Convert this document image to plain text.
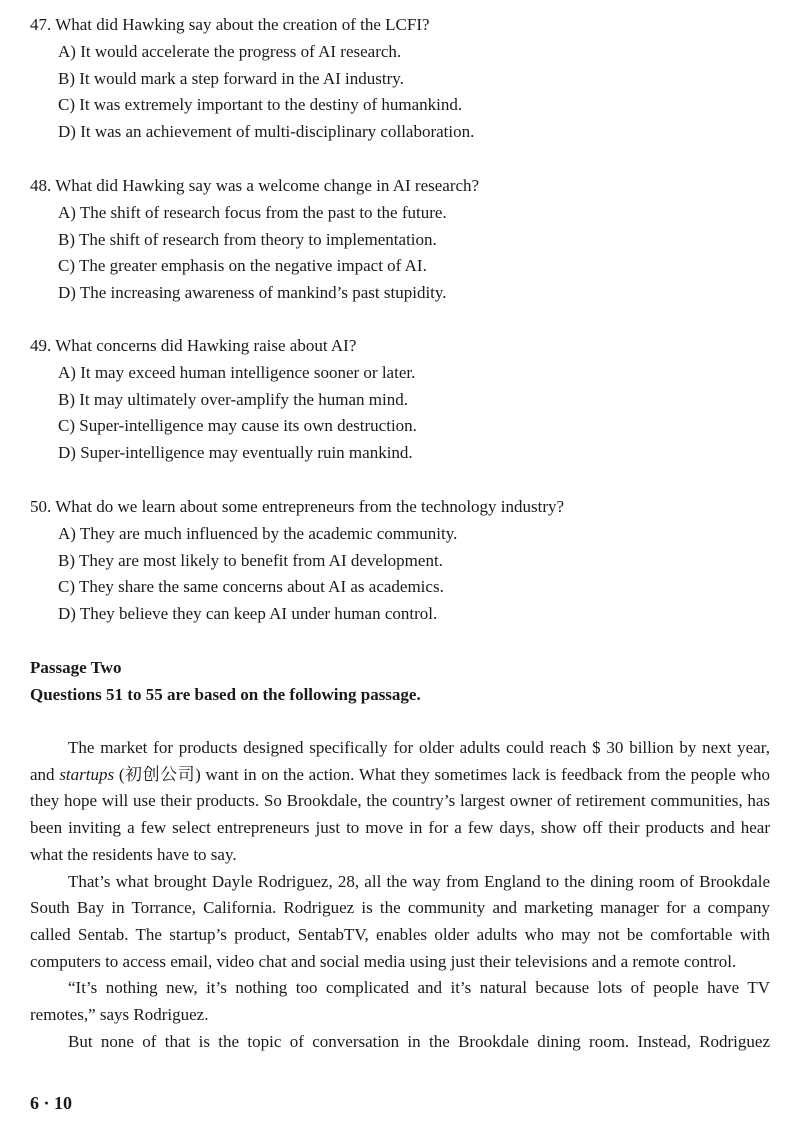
47. What did Hawking say about the creation of the LCFI?
A) It would accelerate the progress of AI research.
B) It would mark a step forward in the AI industry.
C) It was extremely important to the destiny of humankind.
D) It was an achievement of multi-disciplinary collaboration.
48. What did Hawking say was a welcome change in AI research?
A) The shift of research focus from the past to the future.
B) The shift of research from theory to implementation.
C) The greater emphasis on the negative impact of AI.
D) The increasing awareness of mankind’s past stupidity.
49. What concerns did Hawking raise about AI?
A) It may exceed human intelligence sooner or later.
B) It may ultimately over-amplify the human mind.
C) Super-intelligence may cause its own destruction.
D) Super-intelligence may eventually ruin mankind.
50. What do we learn about some entrepreneurs from the technology industry?
A) They are much influenced by the academic community.
B) They are most likely to benefit from AI development.
C) They share the same concerns about AI as academics.
D) They believe they can keep AI under human control.
Passage Two
Questions 51 to 55 are based on the following passage.

The market for products designed specifically for older adults could reach $ 30 billion by next year, and startups (初创公司) want in on the action. What they sometimes lack is feedback from the people who they hope will use their products. So Brookdale, the country’s largest owner of retirement communities, has been inviting a few select entrepreneurs just to move in for a few days, show off their products and hear what the residents have to say.

That’s what brought Dayle Rodriguez, 28, all the way from England to the dining room of Brookdale South Bay in Torrance, California. Rodriguez is the community and marketing manager for a company called Sentab. The startup’s product, SentabTV, enables older adults who may not be comfortable with computers to access email, video chat and social media using just their televisions and a remote control.

“It’s nothing new, it’s nothing too complicated and it’s natural because lots of people have TV remotes,” says Rodriguez.

But none of that is the topic of conversation in the Brookdale dining room. Instead, Rodriguez

6 · 10
